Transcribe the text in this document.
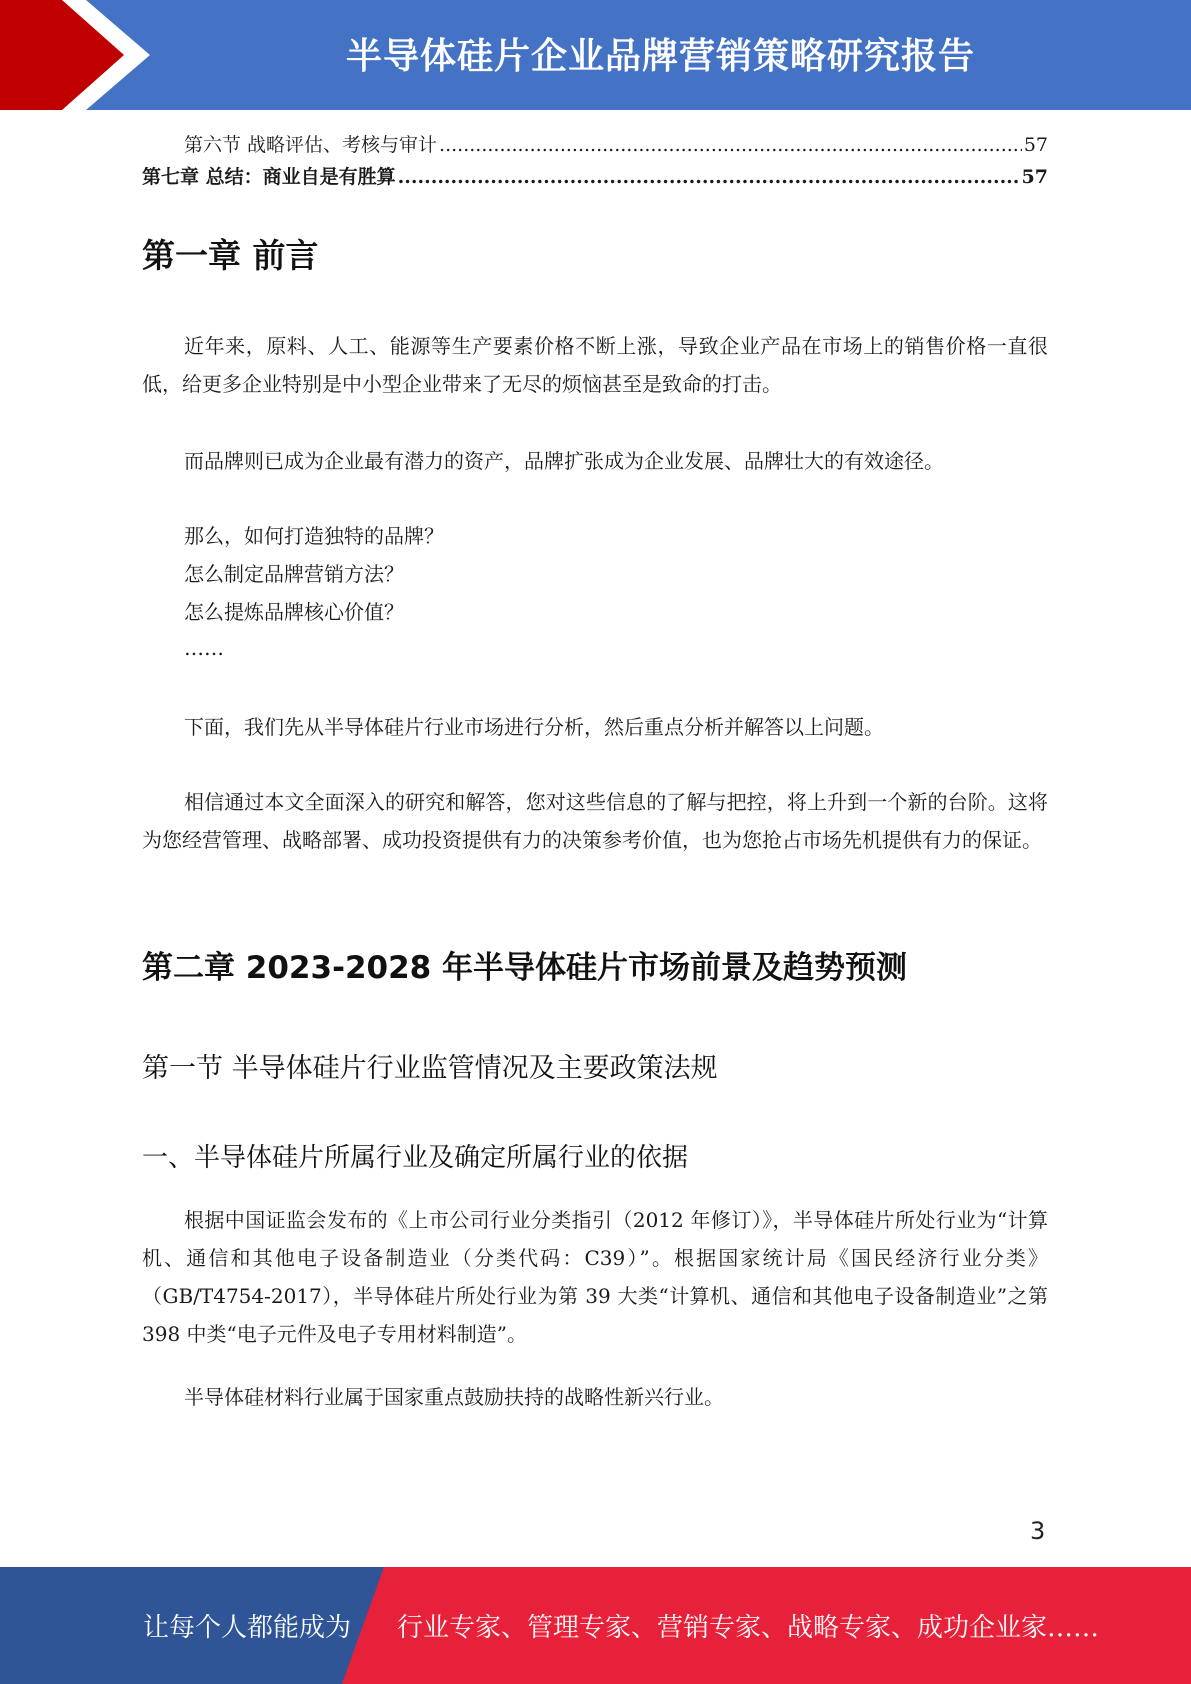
半导体硅片企业品牌营销策略研究报告
第六节 战略评估、考核与审计 .....	57
第七章 总结：商业自是有胜算 .....	57
第一章 前言

近年来，原料、人工、能源等生产要素价格不断上涨，导致企业产品在市场上的销售价格一直很低，给更多企业特别是中小型企业带来了无尽的烦恼甚至是致命的打击。

而品牌则已成为企业最有潜力的资产，品牌扩张成为企业发展、品牌壮大的有效途径。

那么，如何打造独特的品牌？
怎么制定品牌营销方法？
怎么提炼品牌核心价值？
……

下面，我们先从半导体硅片行业市场进行分析，然后重点分析并解答以上问题。

相信通过本文全面深入的研究和解答，您对这些信息的了解与把控，将上升到一个新的台阶。这将为您经营管理、战略部署、成功投资提供有力的决策参考价值，也为您抢占市场先机提供有力的保证。

第二章 2023-2028 年半导体硅片市场前景及趋势预测
第一节 半导体硅片行业监管情况及主要政策法规
一、半导体硅片所属行业及确定所属行业的依据

根据中国证监会发布的《上市公司行业分类指引（2012 年修订）》，半导体硅片所处行业为“计算机、通信和其他电子设备制造业（分类代码：C39）”。根据国家统计局《国民经济行业分类》（GB/T4754-2017），半导体硅片所处行业为第 39 大类“计算机、通信和其他电子设备制造业”之第 398 中类“电子元件及电子专用材料制造”。

半导体硅材料行业属于国家重点鼓励扶持的战略性新兴行业。

3
让每个人都能成为 行业专家、管理专家、营销专家、战略专家、成功企业家……
